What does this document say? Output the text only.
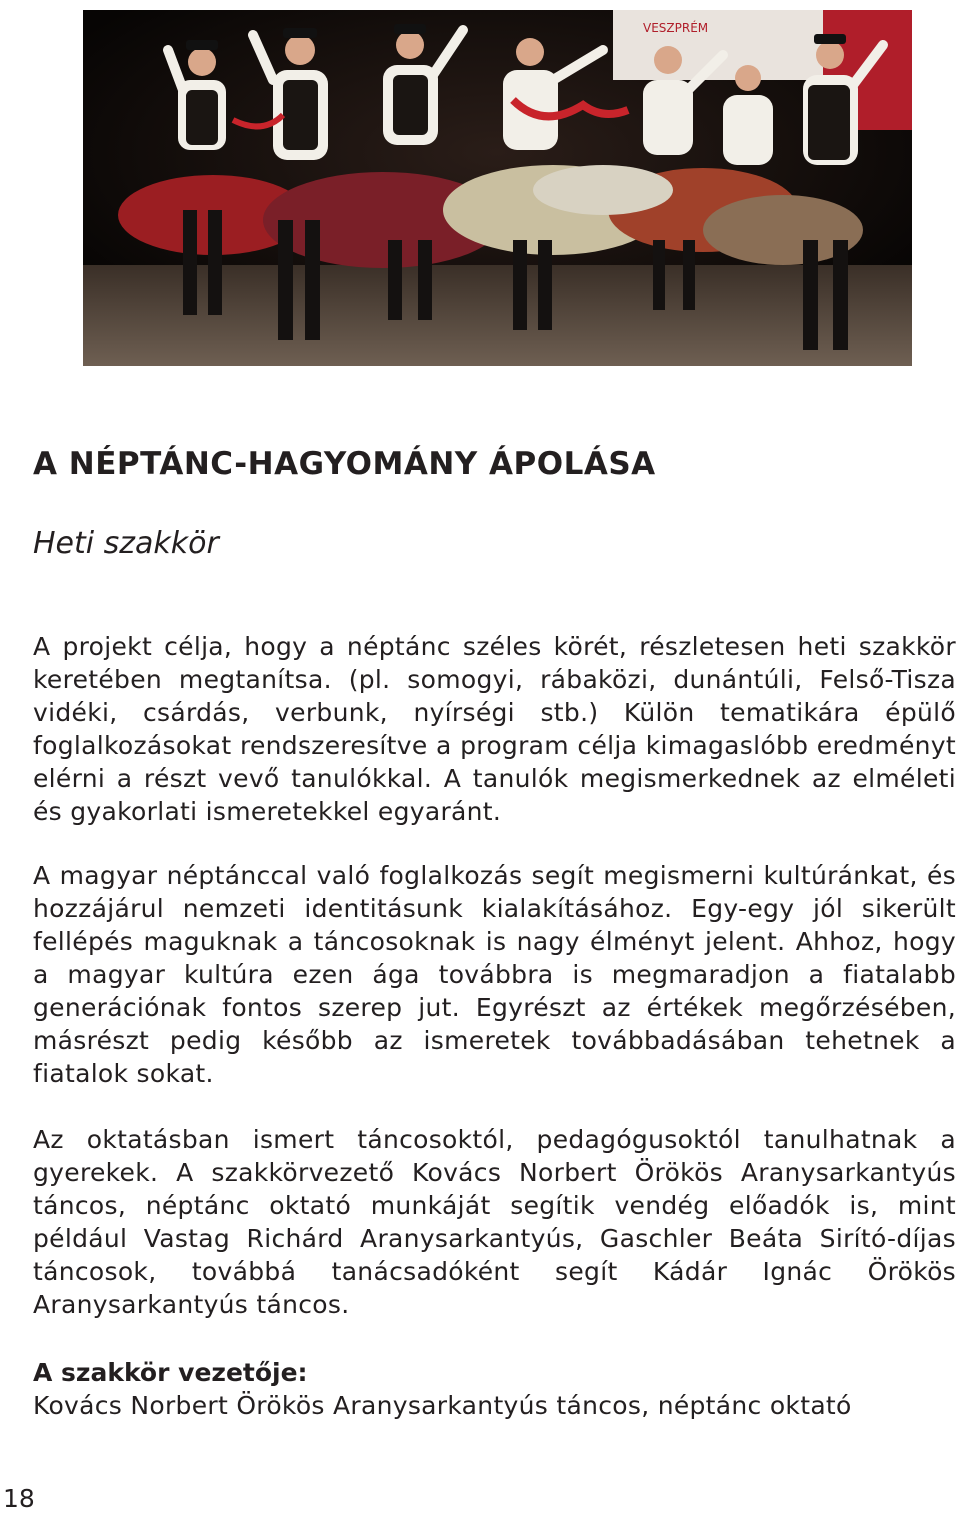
VESZPRÉM
A NÉPTÁNC-HAGYOMÁNY ÁPOLÁSA
Heti szakkör

A projekt célja, hogy a néptánc széles körét, részletesen heti szakkör keretében megtanítsa. (pl. somogyi, rábaközi, dunántúli, Felső-Tisza vidéki, csárdás, verbunk, nyírségi stb.) Külön tematikára épülő foglalkozásokat rendszeresítve a program célja kimagaslóbb eredményt elérni a részt vevő tanulókkal. A tanulók megismerkednek az elméleti és gyakorlati ismeretekkel egyaránt.

A magyar néptánccal való foglalkozás segít megismerni kultúránkat, és hozzájárul nemzeti identitásunk kialakításához. Egy-egy jól sikerült fellépés maguknak a táncosoknak is nagy élményt jelent. Ahhoz, hogy a magyar kultúra ezen ága továbbra is megmaradjon a fiatalabb generációnak fontos szerep jut. Egyrészt az értékek megőrzésében, másrészt pedig később az ismeretek továbbadásában tehetnek a fiatalok sokat.

Az oktatásban ismert táncosoktól, pedagógusoktól tanulhatnak a gyerekek. A szakkörvezető Kovács Norbert Örökös Aranysarkantyús táncos, néptánc oktató munkáját segítik vendég előadók is, mint például Vastag Richárd Aranysarkantyús, Gaschler Beáta Sirító-díjas táncosok, továbbá tanácsadóként segít Kádár Ignác Örökös Aranysarkantyús táncos.

A szakkör vezetője:

Kovács Norbert Örökös Aranysarkantyús táncos, néptánc oktató

18
